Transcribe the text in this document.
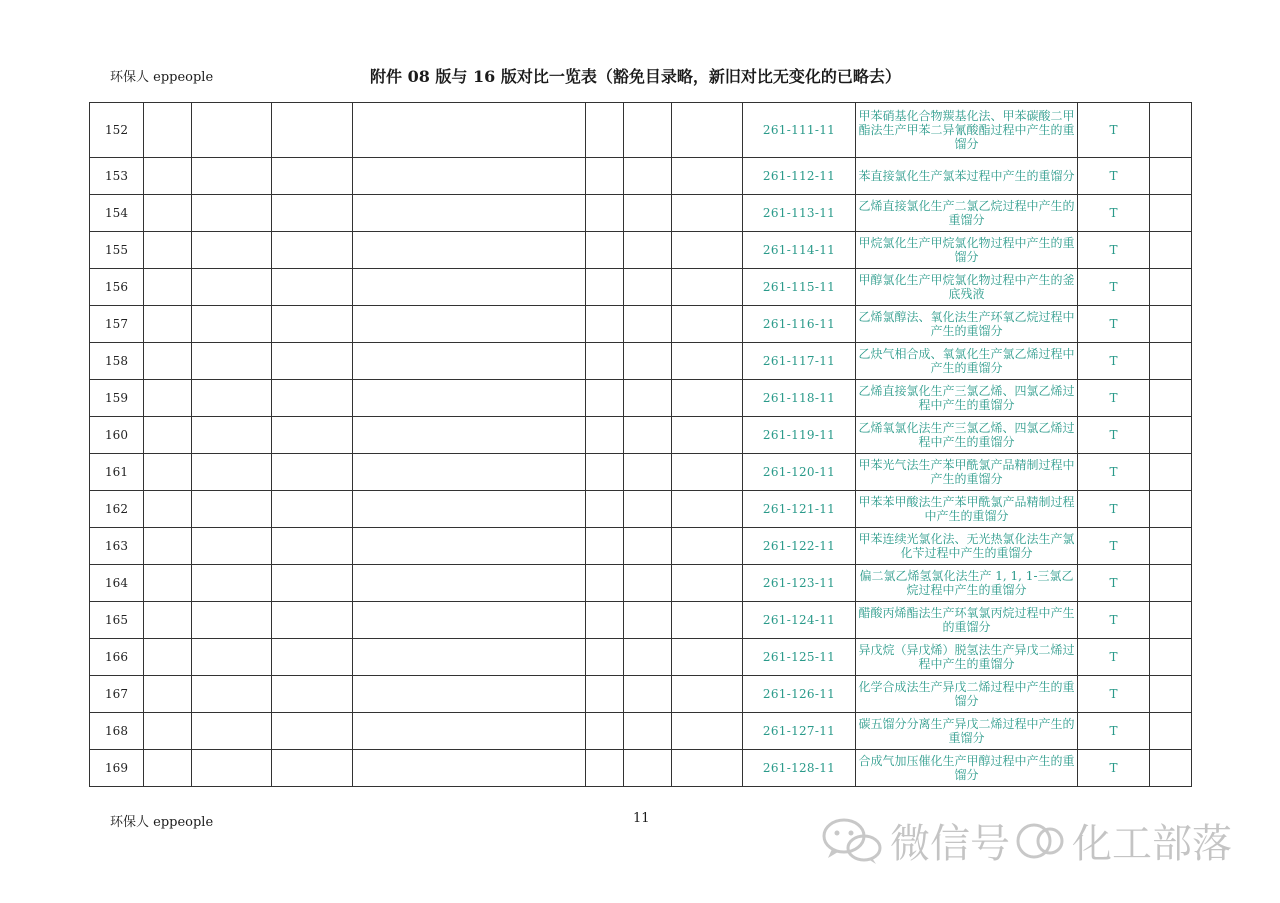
环保人 eppeople	附件 08 版与 16 版对比一览表（豁免目录略，新旧对比无变化的已略去）
152								261-111-11	甲苯硝基化合物羰基化法、甲苯碳酸二甲酯法生产甲苯二异氰酸酯过程中产生的重馏分	T	
153								261-112-11	苯直接氯化生产氯苯过程中产生的重馏分	T	
154								261-113-11	乙烯直接氯化生产二氯乙烷过程中产生的重馏分	T	
155								261-114-11	甲烷氯化生产甲烷氯化物过程中产生的重馏分	T	
156								261-115-11	甲醇氯化生产甲烷氯化物过程中产生的釜底残液	T	
157								261-116-11	乙烯氯醇法、氧化法生产环氧乙烷过程中产生的重馏分	T	
158								261-117-11	乙炔气相合成、氧氯化生产氯乙烯过程中产生的重馏分	T	
159								261-118-11	乙烯直接氯化生产三氯乙烯、四氯乙烯过程中产生的重馏分	T	
160								261-119-11	乙烯氧氯化法生产三氯乙烯、四氯乙烯过程中产生的重馏分	T	
161								261-120-11	甲苯光气法生产苯甲酰氯产品精制过程中产生的重馏分	T	
162								261-121-11	甲苯苯甲酸法生产苯甲酰氯产品精制过程中产生的重馏分	T	
163								261-122-11	甲苯连续光氯化法、无光热氯化法生产氯化苄过程中产生的重馏分	T	
164								261-123-11	偏二氯乙烯氢氯化法生产 1, 1, 1-三氯乙烷过程中产生的重馏分	T	
165								261-124-11	醋酸丙烯酯法生产环氧氯丙烷过程中产生的重馏分	T	
166								261-125-11	异戊烷（异戊烯）脱氢法生产异戊二烯过程中产生的重馏分	T	
167								261-126-11	化学合成法生产异戊二烯过程中产生的重馏分	T	
168								261-127-11	碳五馏分分离生产异戊二烯过程中产生的重馏分	T	
169								261-128-11	合成气加压催化生产甲醇过程中产生的重馏分	T	
环保人 eppeople	11
微信号 化工部落
